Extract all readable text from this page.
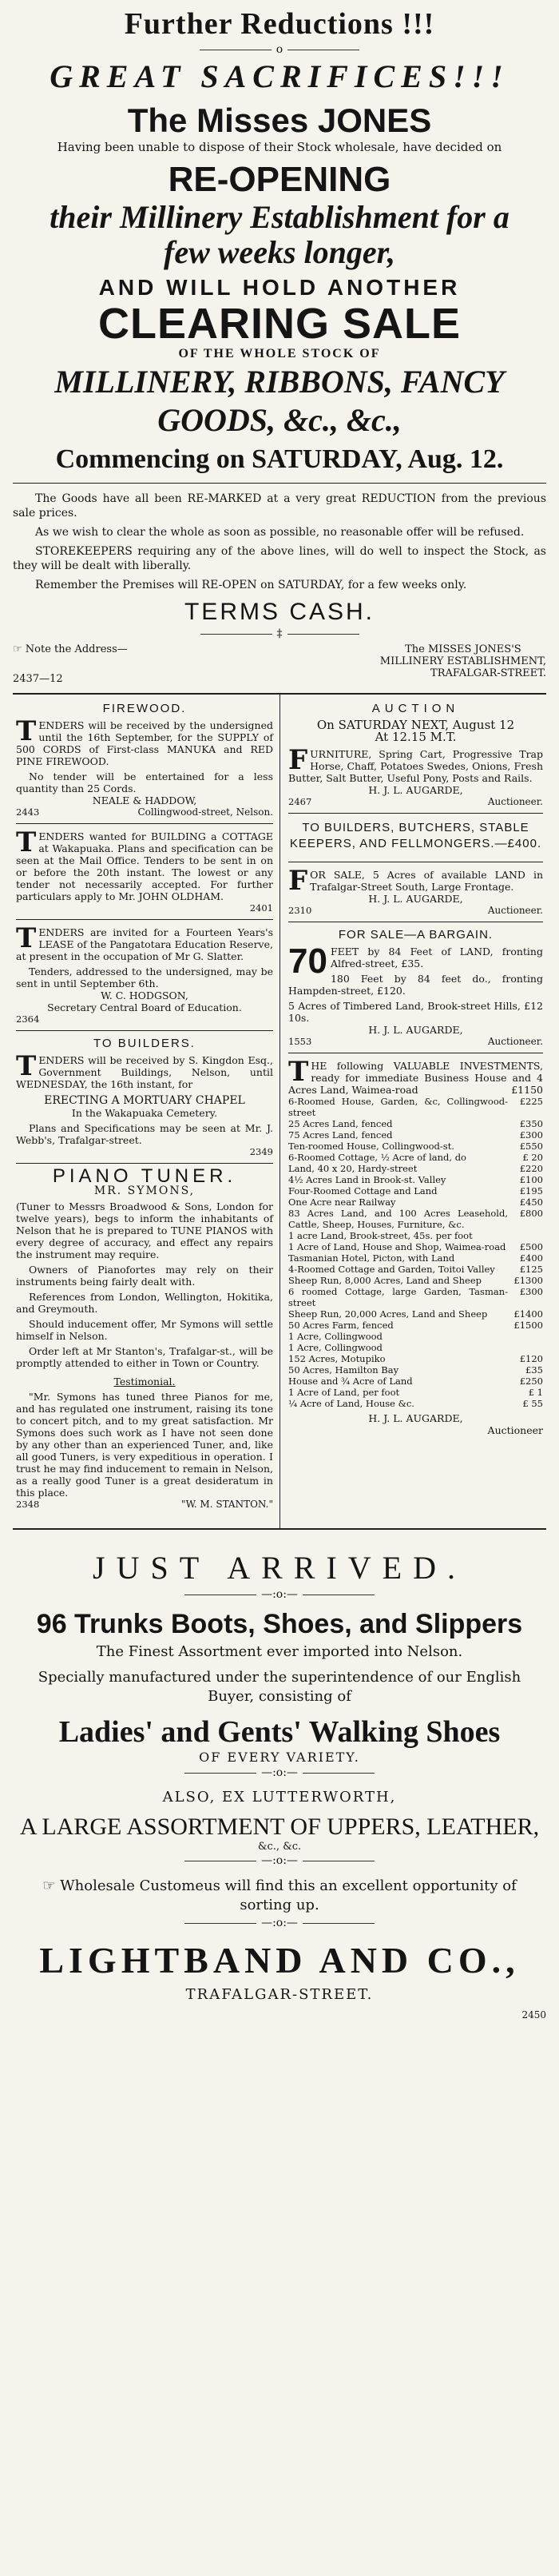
Further Reductions !!!
o
GREAT SACRIFICES!!!
The Misses JONES
Having been unable to dispose of their Stock wholesale, have decided on
RE-OPENING
their Millinery Establishment for a
few weeks longer,
AND WILL HOLD ANOTHER
CLEARING SALE
OF THE WHOLE STOCK OF
MILLINERY, RIBBONS, FANCY
GOODS, &c., &c.,
Commencing on SATURDAY, Aug. 12.

The Goods have all been RE-MARKED at a very great REDUCTION from the previous sale prices.

As we wish to clear the whole as soon as possible, no reasonable offer will be refused.

STOREKEEPERS requiring any of the above lines, will do well to inspect the Stock, as they will be dealt with liberally.

Remember the Premises will RE-OPEN on SATURDAY, for a few weeks only.

TERMS CASH.
‡
☞ Note the Address—
2437—12
The MISSES JONES'S
MILLINERY ESTABLISHMENT,
TRAFALGAR-STREET.
FIREWOOD.

TENDERS will be received by the undersigned until the 16th September, for the SUPPLY of 500 CORDS of First-class MANUKA and RED PINE FIREWOOD.

No tender will be entertained for a less quantity than 25 Cords.

NEALE & HADDOW,
2443	Collingwood-street, Nelson.

TENDERS wanted for BUILDING a COTTAGE at Wakapuaka. Plans and specification can be seen at the Mail Office. Tenders to be sent in on or before the 20th instant. The lowest or any tender not necessarily accepted. For further particulars apply to Mr. JOHN OLDHAM.

2401

TENDERS are invited for a Fourteen Years's LEASE of the Pangatotara Education Reserve, at present in the occupation of Mr G. Slatter.

Tenders, addressed to the undersigned, may be sent in until September 6th.

W. C. HODGSON,
Secretary Central Board of Education.
2364
TO BUILDERS.

TENDERS will be received by S. Kingdon Esq., Government Buildings, Nelson, until WEDNESDAY, the 16th instant, for

ERECTING A MORTUARY CHAPEL
In the Wakapuaka Cemetery.

Plans and Specifications may be seen at Mr. J. Webb's, Trafalgar-street.

2349
PIANO TUNER.
MR. SYMONS,

(Tuner to Messrs Broadwood & Sons, London for twelve years), begs to inform the inhabitants of Nelson that he is prepared to TUNE PIANOS with every degree of accuracy, and effect any repairs the instrument may require.

Owners of Pianofortes may rely on their instruments being fairly dealt with.

References from London, Wellington, Hokitika, and Greymouth.

Should inducement offer, Mr Symons will settle himself in Nelson.

Order left at Mr Stanton's, Trafalgar-st., will be promptly attended to either in Town or Country.

Testimonial.

"Mr. Symons has tuned three Pianos for me, and has regulated one instrument, raising its tone to concert pitch, and to my great satisfaction. Mr Symons does such work as I have not seen done by any other than an experienced Tuner, and, like all good Tuners, is very expeditious in operation. I trust he may find inducement to remain in Nelson, as a really good Tuner is a great desideratum in this place.

2348	"W. M. STANTON."
AUCTION
On SATURDAY NEXT, August 12
At 12.15 M.T.

FURNITURE, Spring Cart, Progressive Trap Horse, Chaff, Potatoes Swedes, Onions, Fresh Butter, Salt Butter, Useful Pony, Posts and Rails.

H. J. L. AUGARDE,
2467	Auctioneer.
TO BUILDERS, BUTCHERS, STABLE KEEPERS, AND FELLMONGERS.—£400.

FOR SALE, 5 Acres of available LAND in Trafalgar-Street South, Large Frontage.

H. J. L. AUGARDE,
2310	Auctioneer.
FOR SALE—A BARGAIN.

70 FEET by 84 Feet of LAND, fronting Alfred-street, £35.

180 Feet by 84 feet do., fronting Hampden-street, £120.

5 Acres of Timbered Land, Brook-street Hills, £12 10s.

H. J. L. AUGARDE,
1553	Auctioneer.

THE following VALUABLE INVESTMENTS, ready for immediate Business House and 4 Acres Land, Waimea-road	£1150

6-Roomed House, Garden, &c, Collingwood-street	£225
25 Acres Land, fenced	£350
75 Acres Land, fenced	£300
Ten-roomed House, Collingwood-st.	£550
6-Roomed Cottage, ½ Acre of land, do	£ 20
Land, 40 x 20, Hardy-street	£220
4½ Acres Land in Brook-st. Valley	£100
Four-Roomed Cottage and Land	£195
One Acre near Railway	£450
83 Acres Land, and 100 Acres Leasehold, Cattle, Sheep, Houses, Furniture, &c.	£800
1 acre Land, Brook-street, 45s. per foot	
1 Acre of Land, House and Shop, Waimea-road	£500
Tasmanian Hotel, Picton, with Land	£400
4-Roomed Cottage and Garden, Toitoi Valley	£125
Sheep Run, 8,000 Acres, Land and Sheep	£1300
6 roomed Cottage, large Garden, Tasman-street	£300
Sheep Run, 20,000 Acres, Land and Sheep	£1400
50 Acres Farm, fenced	£1500
1 Acre, Collingwood	
1 Acre, Collingwood	
152 Acres, Motupiko	£120
50 Acres, Hamilton Bay	£35
House and ¾ Acre of Land	£250
1 Acre of Land, per foot	£ 1
¼ Acre of Land, House &c.	£ 55
H. J. L. AUGARDE,
Auctioneer
JUST ARRIVED.
—:o:—
96 Trunks Boots, Shoes, and Slippers
The Finest Assortment ever imported into Nelson.
Specially manufactured under the superintendence of our English
Buyer, consisting of
Ladies' and Gents' Walking Shoes
OF EVERY VARIETY.
—:o:—
ALSO, EX LUTTERWORTH,
A LARGE ASSORTMENT OF UPPERS, LEATHER,
&c., &c.
—:o:—
☞ Wholesale Customeus will find this an excellent opportunity of
sorting up.
—:o:—
LIGHTBAND AND CO.,
TRAFALGAR-STREET.
2450
